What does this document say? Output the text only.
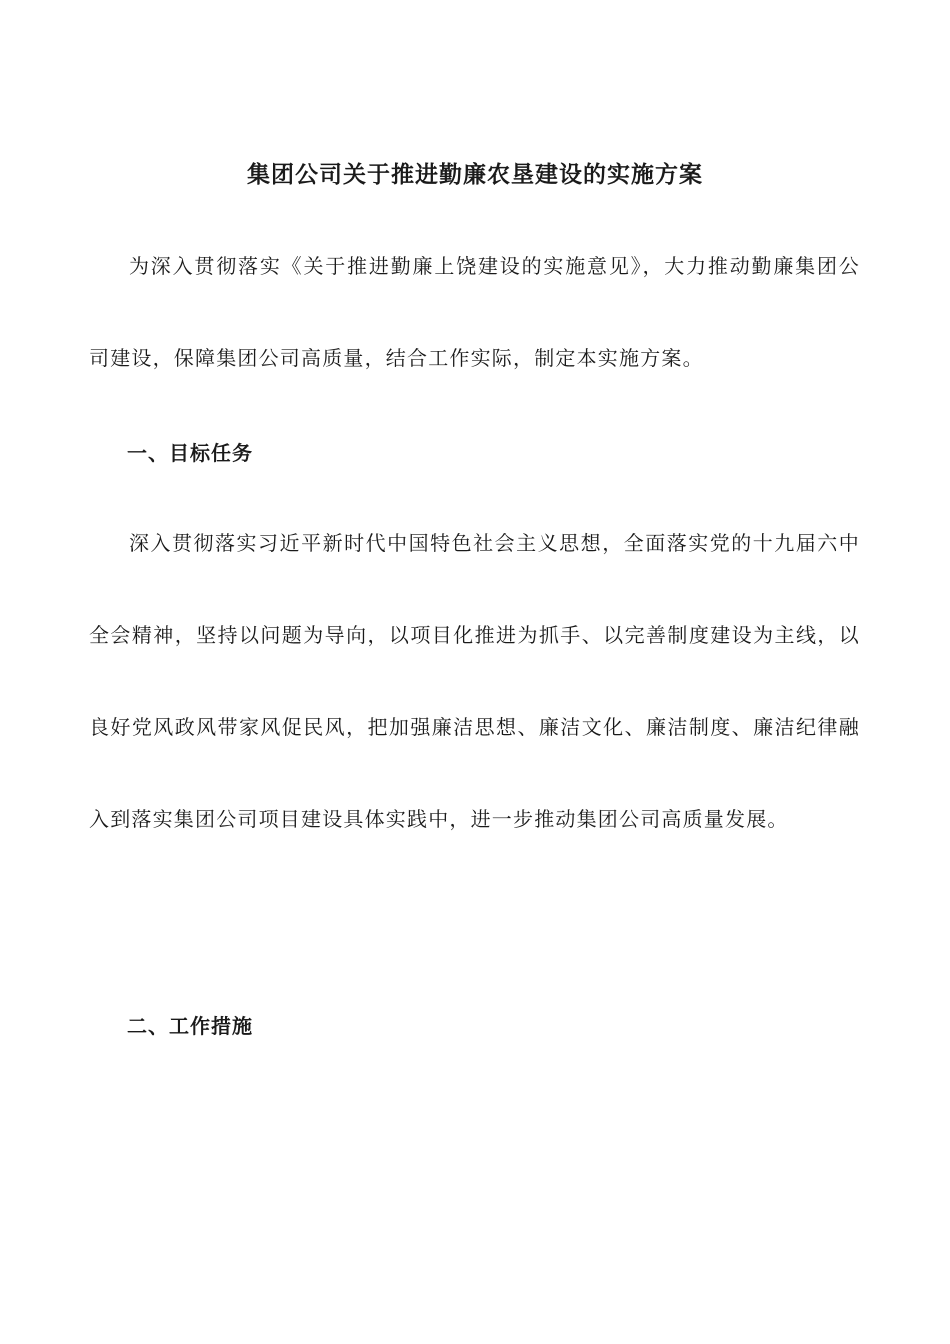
集团公司关于推进勤廉农垦建设的实施方案

为深入贯彻落实《关于推进勤廉上饶建设的实施意见》，大力推动勤廉集团公司建设，保障集团公司高质量，结合工作实际，制定本实施方案。

一、目标任务

深入贯彻落实习近平新时代中国特色社会主义思想，全面落实党的十九届六中全会精神，坚持以问题为导向，以项目化推进为抓手、以完善制度建设为主线，以良好党风政风带家风促民风，把加强廉洁思想、廉洁文化、廉洁制度、廉洁纪律融入到落实集团公司项目建设具体实践中，进一步推动集团公司高质量发展。

二、工作措施
